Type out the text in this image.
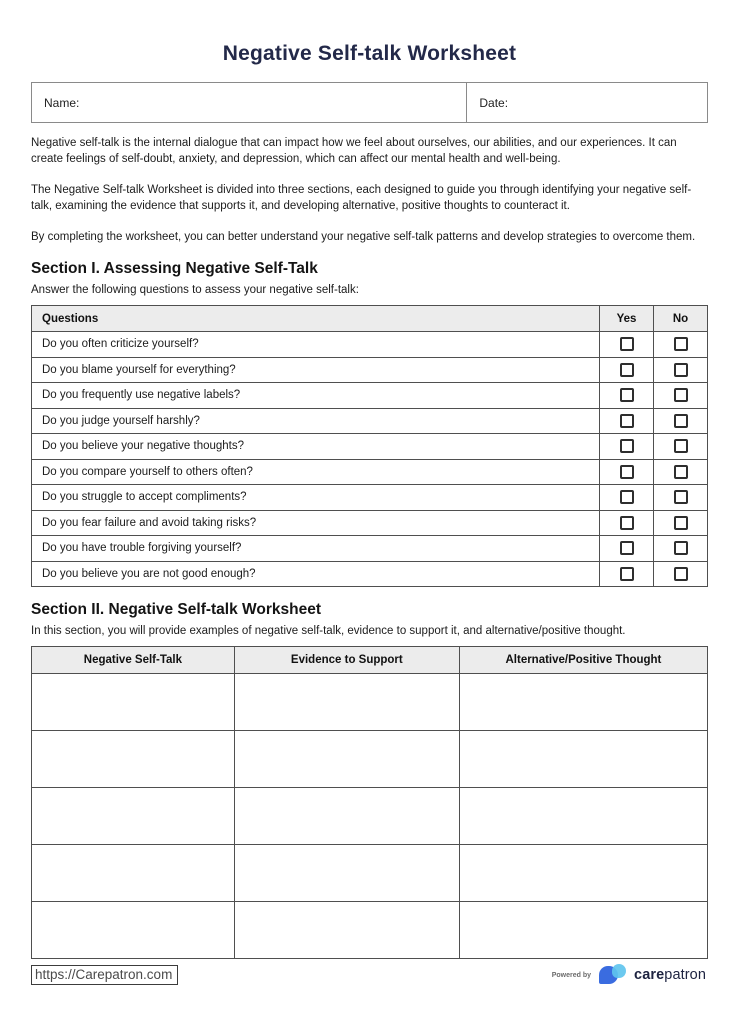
Negative Self-talk Worksheet
Name:	Date:

Negative self-talk is the internal dialogue that can impact how we feel about ourselves, our abilities, and our experiences. It can create feelings of self-doubt, anxiety, and depression, which can affect our mental health and well-being.

The Negative Self-talk Worksheet is divided into three sections, each designed to guide you through identifying your negative self-talk, examining the evidence that supports it, and developing alternative, positive thoughts to counteract it.

By completing the worksheet, you can better understand your negative self-talk patterns and develop strategies to overcome them.

Section I. Assessing Negative Self-Talk

Answer the following questions to assess your negative self-talk:

Questions	Yes	No
Do you often criticize yourself?		
Do you blame yourself for everything?		
Do you frequently use negative labels?		
Do you judge yourself harshly?		
Do you believe your negative thoughts?		
Do you compare yourself to others often?		
Do you struggle to accept compliments?		
Do you fear failure and avoid taking risks?		
Do you have trouble forgiving yourself?		
Do you believe you are not good enough?		
Section II. Negative Self-talk Worksheet

In this section, you will provide examples of negative self-talk, evidence to support it, and alternative/positive thought.

Negative Self-Talk	Evidence to Support	Alternative/Positive Thought

https://Carepatron.com	Powered by	carepatron
